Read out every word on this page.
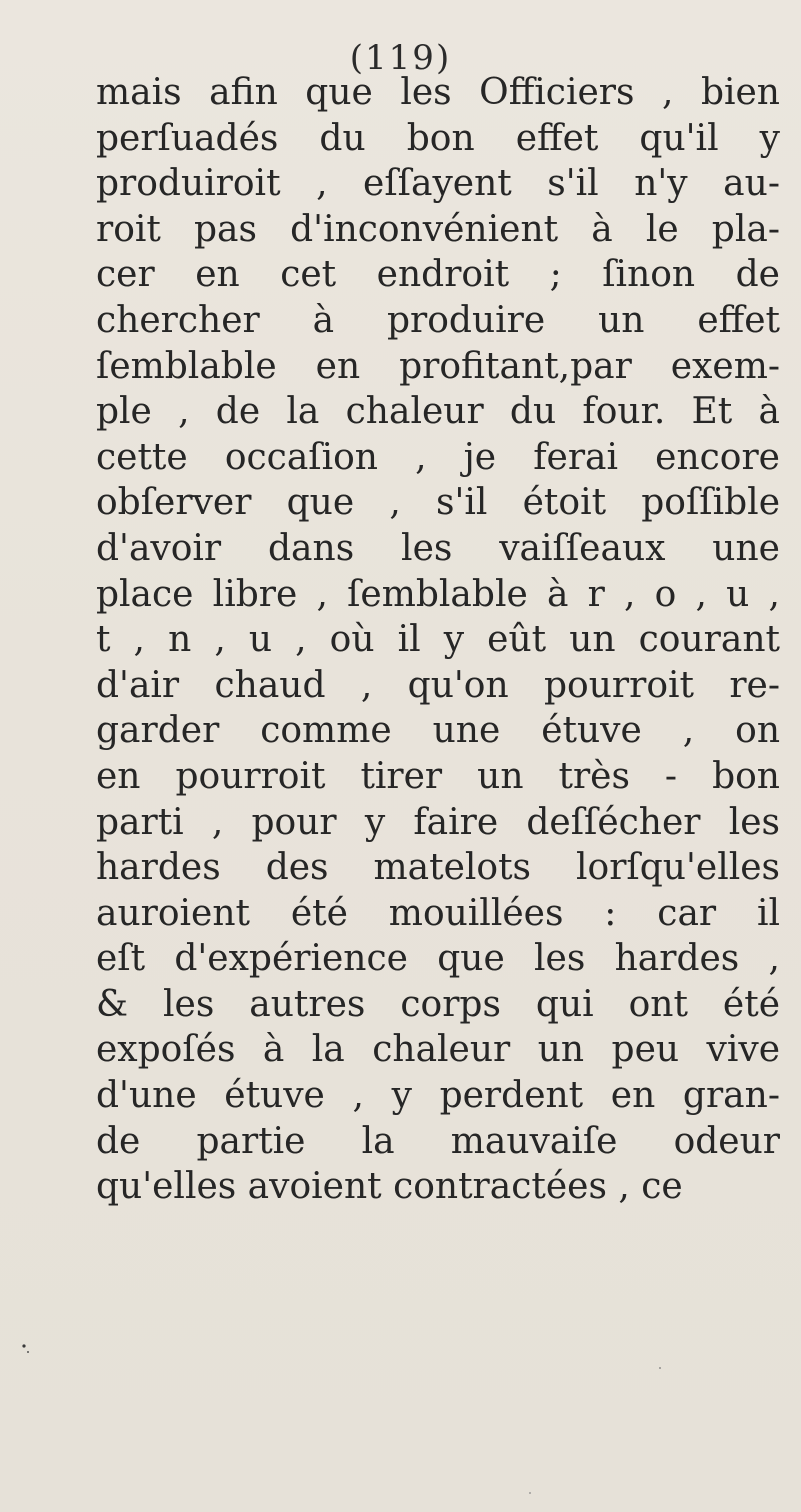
(119)
mais afin que les Officiers , bien
perſuadés du bon effet qu'il y
produiroit , eſſayent s'il n'y au-
roit pas d'inconvénient à le pla-
cer en cet endroit ; ſinon de
chercher à produire un effet
ſemblable en profitant,par exem-
ple , de la chaleur du four. Et à
cette occaſion , je ferai encore
obſerver que , s'il étoit poſſible
d'avoir dans les vaiſſeaux une
place libre , ſemblable à r , o , u ,
t , n , u , où il y eût un courant
d'air chaud , qu'on pourroit re-
garder comme une étuve , on
en pourroit tirer un très - bon
parti , pour y faire deſſécher les
hardes des matelots lorſqu'elles
auroient été mouillées : car il
eſt d'expérience que les hardes ,
& les autres corps qui ont été
expoſés à la chaleur un peu vive
d'une étuve , y perdent en gran-
de partie la mauvaiſe odeur
qu'elles avoient contractées , ce
